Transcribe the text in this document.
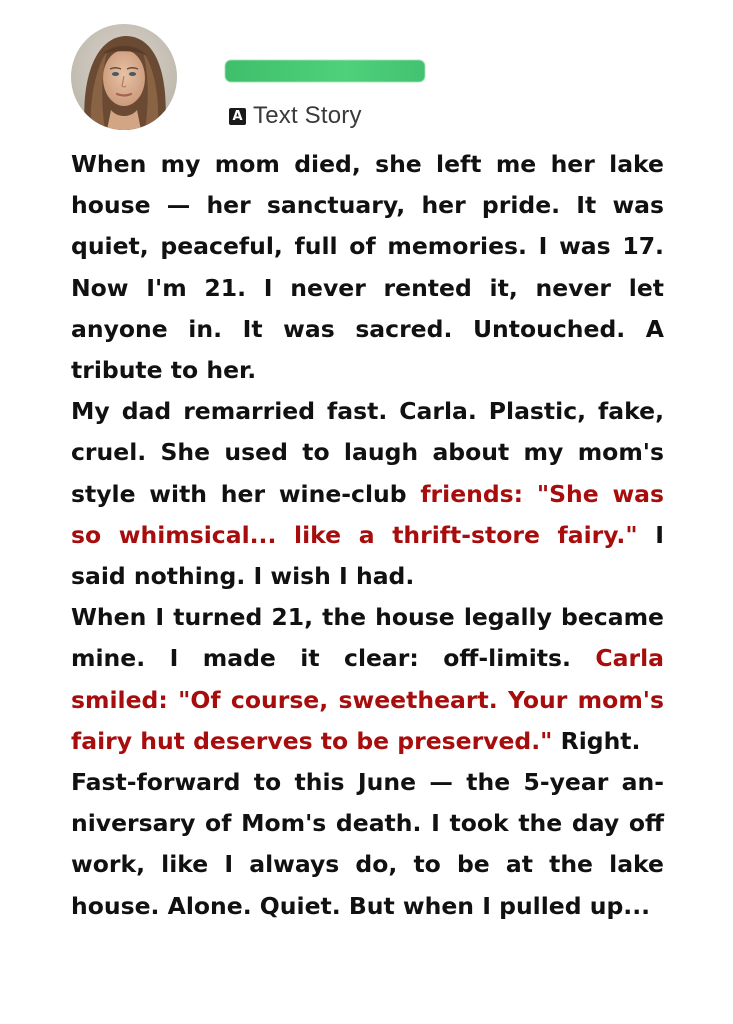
A Text Story

When my mom died, she left me her lake house — her sanctuary, her pride. It was quiet, peaceful, full of memories. I was 17. Now I'm 21. I never rented it, never let anyone in. It was sacred. Untouched. A tribute to her.

My dad remarried fast. Carla. Plastic, fake, cruel. She used to laugh about my mom's style with her wine-club friends: "She was so whimsical... like a thrift-store fairy." I said nothing. I wish I had.

When I turned 21, the house legally became mine. I made it clear: off-limits. Carla smiled: "Of course, sweetheart. Your mom's fairy hut deserves to be preserved." Right.

Fast-forward to this June — the 5-year anniversary of Mom's death. I took the day off work, like I always do, to be at the lake house. Alone. Quiet. But when I pulled up...
